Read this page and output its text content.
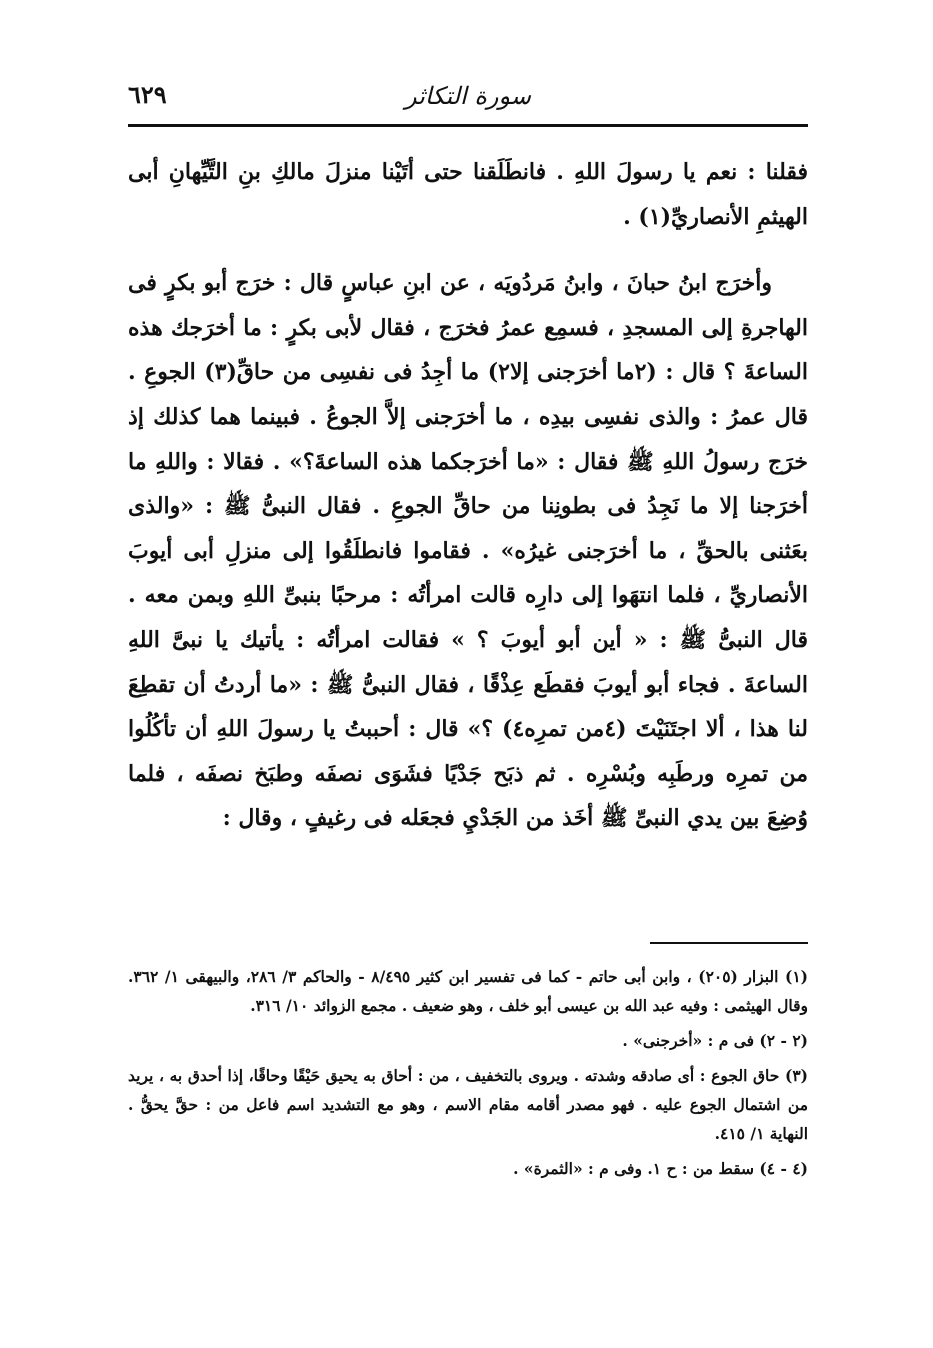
سورة التكاثر
٦٢٩

فقلنا : نعم يا رسولَ اللهِ . فانطَلَقنا حتى أتَيْنا منزلَ مالكِ بنِ التَّيِّهانِ أبى الهيثمِ الأنصاريِّ(١) .

وأخرَج ابنُ حبانَ ، وابنُ مَردُويَه ، عن ابنِ عباسٍ قال : خرَج أبو بكرٍ فى الهاجرةِ إلى المسجدِ ، فسمِع عمرُ فخرَج ، فقال لأبى بكرٍ : ما أخرَجك هذه الساعةَ ؟ قال : (٢ما أخرَجنى إلا٢) ما أجِدُ فى نفسِى من حاقِّ(٣) الجوعِ . قال عمرُ : والذى نفسِى بيدِه ، ما أخرَجنى إلاَّ الجوعُ . فبينما هما كذلك إذ خرَج رسولُ اللهِ ﷺ فقال : «ما أخرَجكما هذه الساعةَ؟» . فقالا : واللهِ ما أخرَجنا إلا ما نَجِدُ فى بطونِنا من حاقِّ الجوعِ . فقال النبىُّ ﷺ : «والذى بعَثنى بالحقِّ ، ما أخرَجنى غيرُه» . فقاموا فانطلَقُوا إلى منزلِ أبى أيوبَ الأنصاريِّ ، فلما انتهَوا إلى دارِه قالت امرأتُه : مرحبًا بنبىِّ اللهِ وبمن معه . قال النبىُّ ﷺ : « أين أبو أيوبَ ؟ » فقالت امرأتُه : يأتيك يا نبىَّ اللهِ الساعةَ . فجاء أبو أيوبَ فقطَع عِذْقًا ، فقال النبىُّ ﷺ : «ما أردتُ أن تقطِعَ لنا هذا ، ألا اجتَنَيْتَ (٤من تمرِه٤) ؟» قال : أحببتُ يا رسولَ اللهِ أن تأكُلُوا من تمرِه ورطَبِه وبُسْرِه . ثم ذبَح جَدْيًا فشَوَى نصفَه وطبَخ نصفَه ، فلما وُضِعَ بين يدي النبىِّ ﷺ أخَذ من الجَدْيِ فجعَله فى رغيفٍ ، وقال :

(١) البزار (٢٠٥) ، وابن أبى حاتم - كما فى تفسير ابن كثير ٨/٤٩٥ - والحاكم ٣/ ٢٨٦، والبيهقى ١/ ٣٦٢. وقال الهيثمى : وفيه عبد الله بن عيسى أبو خلف ، وهو ضعيف . مجمع الزوائد ١٠/ ٣١٦.

(٢ - ٢) فى م : «أخرجنى» .

(٣) حاق الجوع : أى صادقه وشدته . ويروى بالتخفيف ، من : أحاق به يحيق حَيْقًا وحاقًا، إذا أحدق به ، يريد من اشتمال الجوع عليه . فهو مصدر أقامه مقام الاسم ، وهو مع التشديد اسم فاعل من : حقَّ يحقُّ . النهاية ١/ ٤١٥.

(٤ - ٤) سقط من : ح ١. وفى م : «الثمرة» .
